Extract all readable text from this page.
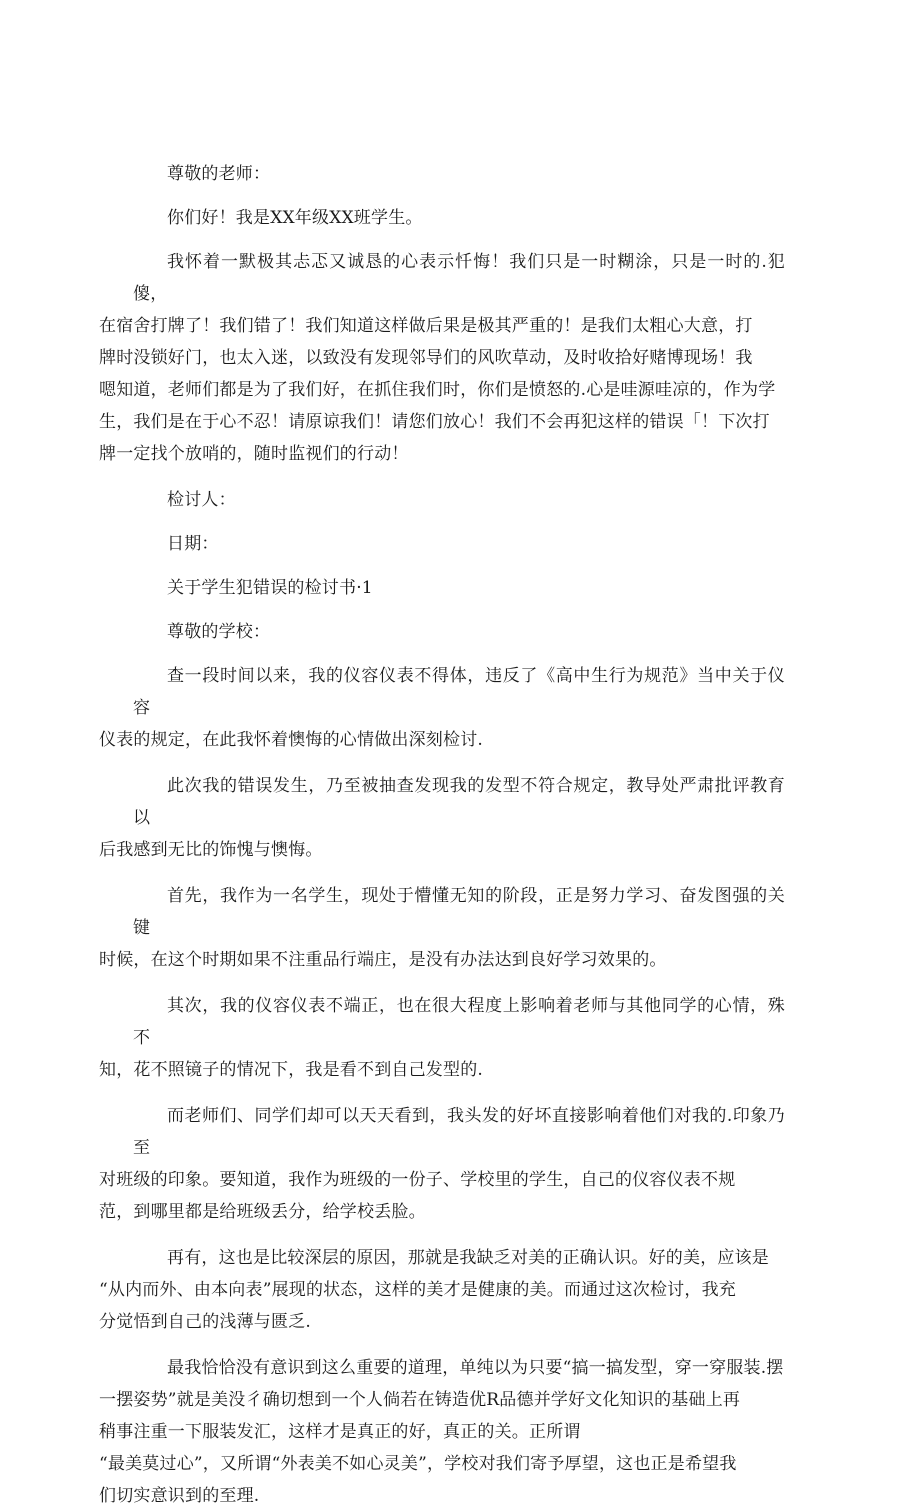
尊敬的老师：

你们好！我是XX年级XX班学生。

我怀着一默极其忐忑又诚恳的心表示忏悔！我们只是一时糊涂，只是一时的.犯傻，
在宿舍打牌了！我们错了！我们知道这样做后果是极其严重的！是我们太粗心大意，打
牌时没锁好门，也太入迷，以致没有发现邻导们的风吹草动，及时收拾好赌博现场！我
嗯知道，老师们都是为了我们好，在抓住我们时，你们是愤怒的.心是哇源哇凉的，作为学
生，我们是在于心不忍！请原谅我们！请您们放心！我们不会再犯这样的错误「！下次打
牌一定找个放哨的，随时监视们的行动！

检讨人：

日期：

关于学生犯错误的检讨书·1

尊敬的学校：

查一段时间以来，我的仪容仪表不得体，违反了《高中生行为规范》当中关于仪容
仪表的规定，在此我怀着懊悔的心情做出深刻检讨.

此次我的错误发生，乃至被抽查发现我的发型不符合规定，教导处严肃批评教育以
后我感到无比的饰愧与懊悔。

首先，我作为一名学生，现处于懵懂无知的阶段，正是努力学习、奋发图强的关键
时候，在这个时期如果不注重品行端庄，是没有办法达到良好学习效果的。

其次，我的仪容仪表不端正，也在很大程度上影响着老师与其他同学的心情，殊不
知，花不照镜子的情况下，我是看不到自己发型的.

而老师们、同学们却可以天天看到，我头发的好坏直接影响着他们对我的.印象乃至
对班级的印象。要知道，我作为班级的一份子、学校里的学生，自己的仪容仪表不规
范，到哪里都是给班级丢分，给学校丢脸。

再有，这也是比较深层的原因，那就是我缺乏对美的正确认识。好的美，应该是
“从内而外、由本向表”展现的状态，这样的美才是健康的美。而通过这次检讨，我充
分觉悟到自己的浅薄与匮乏.

最我恰恰没有意识到这么重要的道理，单纯以为只要“搞一搞发型，穿一穿服装.摆
一摆姿势”就是美没彳确切想到一个人倘若在铸造优R品德并学好文化知识的基础上再
稍事注重一下服装发汇，这样才是真正的好，真正的关。正所谓
“最美莫过心”，又所谓“外表美不如心灵美”，学校对我们寄予厚望，这也正是希望我
们切实意识到的至理.
